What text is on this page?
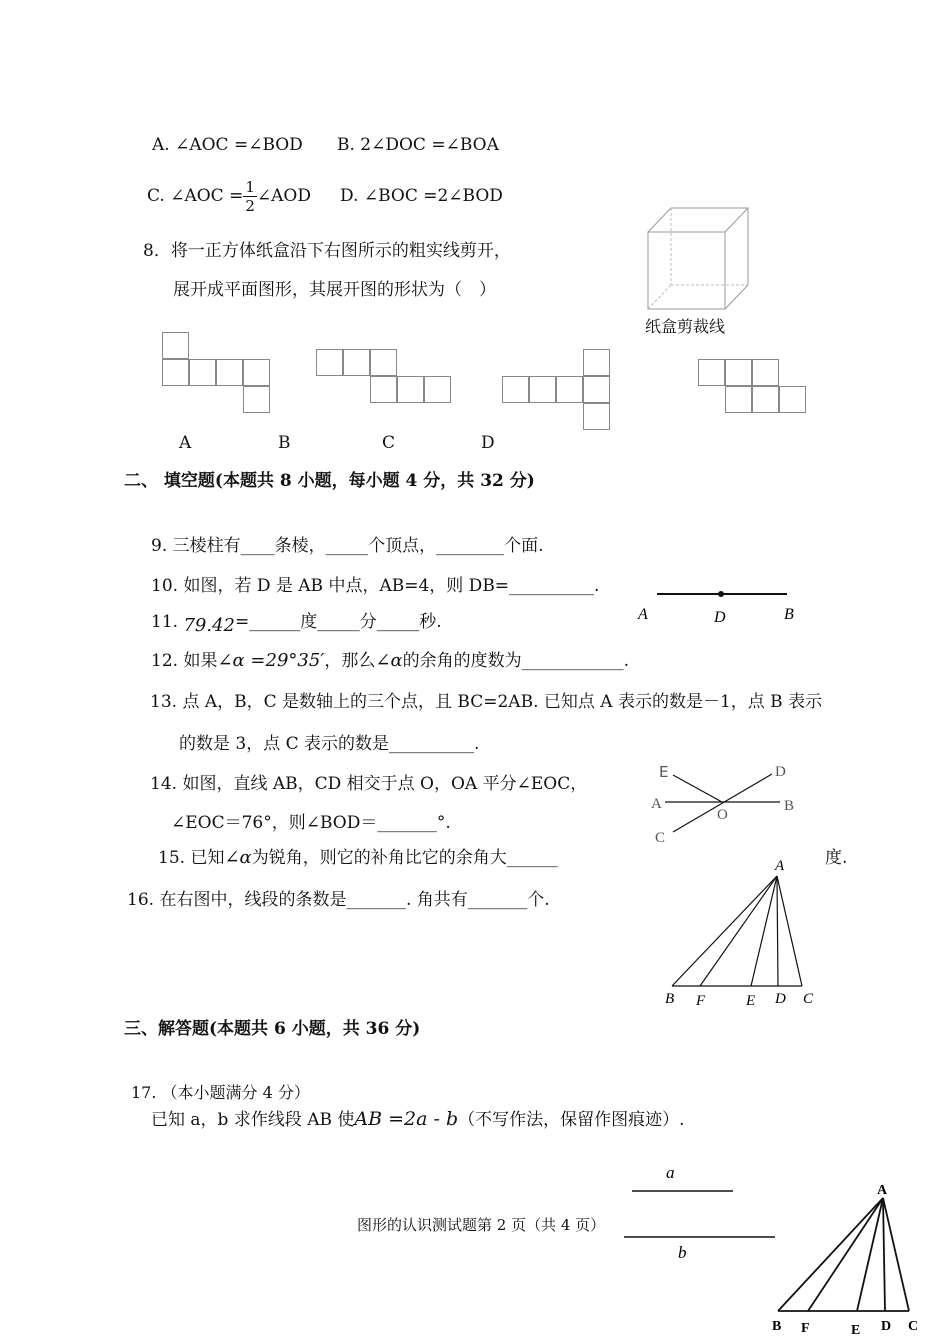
A. ∠AOC =∠BOD B. 2∠DOC =∠BOA
C. ∠AOC = $\frac{1}{2}$ ∠AOD D. ∠BOC =2∠BOD
8．将一正方体纸盒沿下右图所示的粗实线剪开，
展开成平面图形，其展开图的形状为（　）
纸盒剪裁线
A	B	C	D
二、 填空题(本题共 8 小题，每小题 4 分，共 32 分)
9. 三棱柱有____条棱，_____个顶点，________个面.
10. 如图，若 D 是 AB 中点，AB=4，则 DB=__________.
A	D	B
11. 79.42=______度_____分_____秒.
12. 如果∠α =29°35′，那么∠α的余角的度数为____________.
13. 点 A，B，C 是数轴上的三个点，且 BC=2AB. 已知点 A 表示的数是－1，点 B 表示
的数是 3，点 C 表示的数是__________.
14. 如图，直线 AB，CD 相交于点 O，OA 平分∠EOC，
∠EOC＝76°，则∠BOD＝_______°.
E	D
A
O
B
C
15. 已知∠α为锐角，则它的补角比它的余角大______	度.
16. 在右图中，线段的条数是_______. 角共有_______个.
A
B F	E D C
三、解答题(本题共 6 小题，共 36 分)
17. （本小题满分 4 分）
已知 a，b 求作线段 AB 使AB =2a - b（不写作法，保留作图痕迹）.
a
b
图形的认识测试题第 2 页（共 4 页）
A
B F	E D C
